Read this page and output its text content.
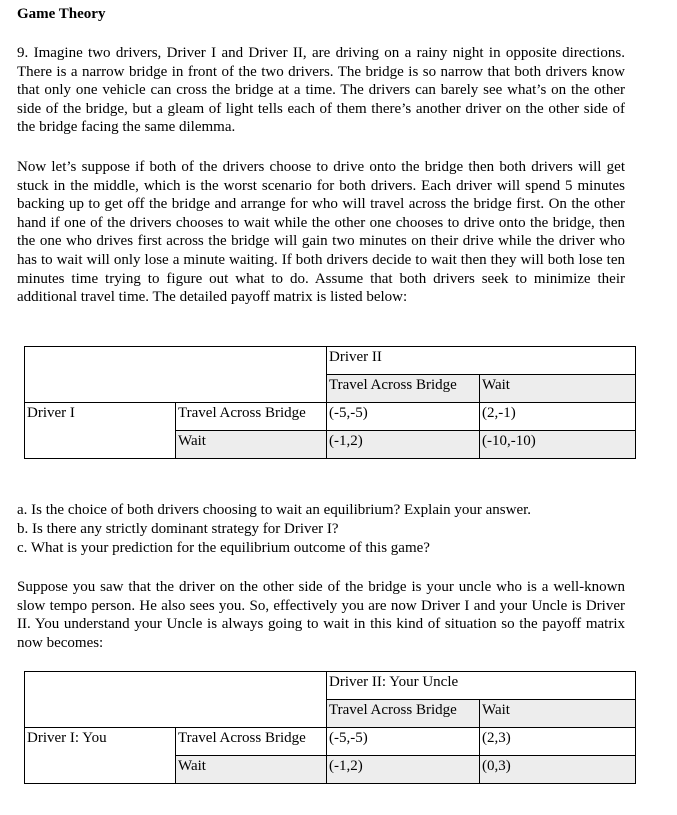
Game Theory

9. Imagine two drivers, Driver I and Driver II, are driving on a rainy night in opposite directions. There is a narrow bridge in front of the two drivers. The bridge is so narrow that both drivers know that only one vehicle can cross the bridge at a time. The drivers can barely see what’s on the other side of the bridge, but a gleam of light tells each of them there’s another driver on the other side of the bridge facing the same dilemma.

Now let’s suppose if both of the drivers choose to drive onto the bridge then both drivers will get stuck in the middle, which is the worst scenario for both drivers. Each driver will spend 5 minutes backing up to get off the bridge and arrange for who will travel across the bridge first. On the other hand if one of the drivers chooses to wait while the other one chooses to drive onto the bridge, then the one who drives first across the bridge will gain two minutes on their drive while the driver who has to wait will only lose a minute waiting. If both drivers decide to wait then they will both lose ten minutes time trying to figure out what to do. Assume that both drivers seek to minimize their additional travel time. The detailed payoff matrix is listed below:

		Driver II	
		Travel Across Bridge	Wait
Driver I	Travel Across Bridge	(-5,-5)	(2,-1)
	Wait	(-1,2)	(-10,-10)
a. Is the choice of both drivers choosing to wait an equilibrium? Explain your answer.
b. Is there any strictly dominant strategy for Driver I?
c. What is your prediction for the equilibrium outcome of this game?

Suppose you saw that the driver on the other side of the bridge is your uncle who is a well-known slow tempo person. He also sees you. So, effectively you are now Driver I and your Uncle is Driver II. You understand your Uncle is always going to wait in this kind of situation so the payoff matrix now becomes:

		Driver II: Your Uncle	
		Travel Across Bridge	Wait
Driver I: You	Travel Across Bridge	(-5,-5)	(2,3)
	Wait	(-1,2)	(0,3)
